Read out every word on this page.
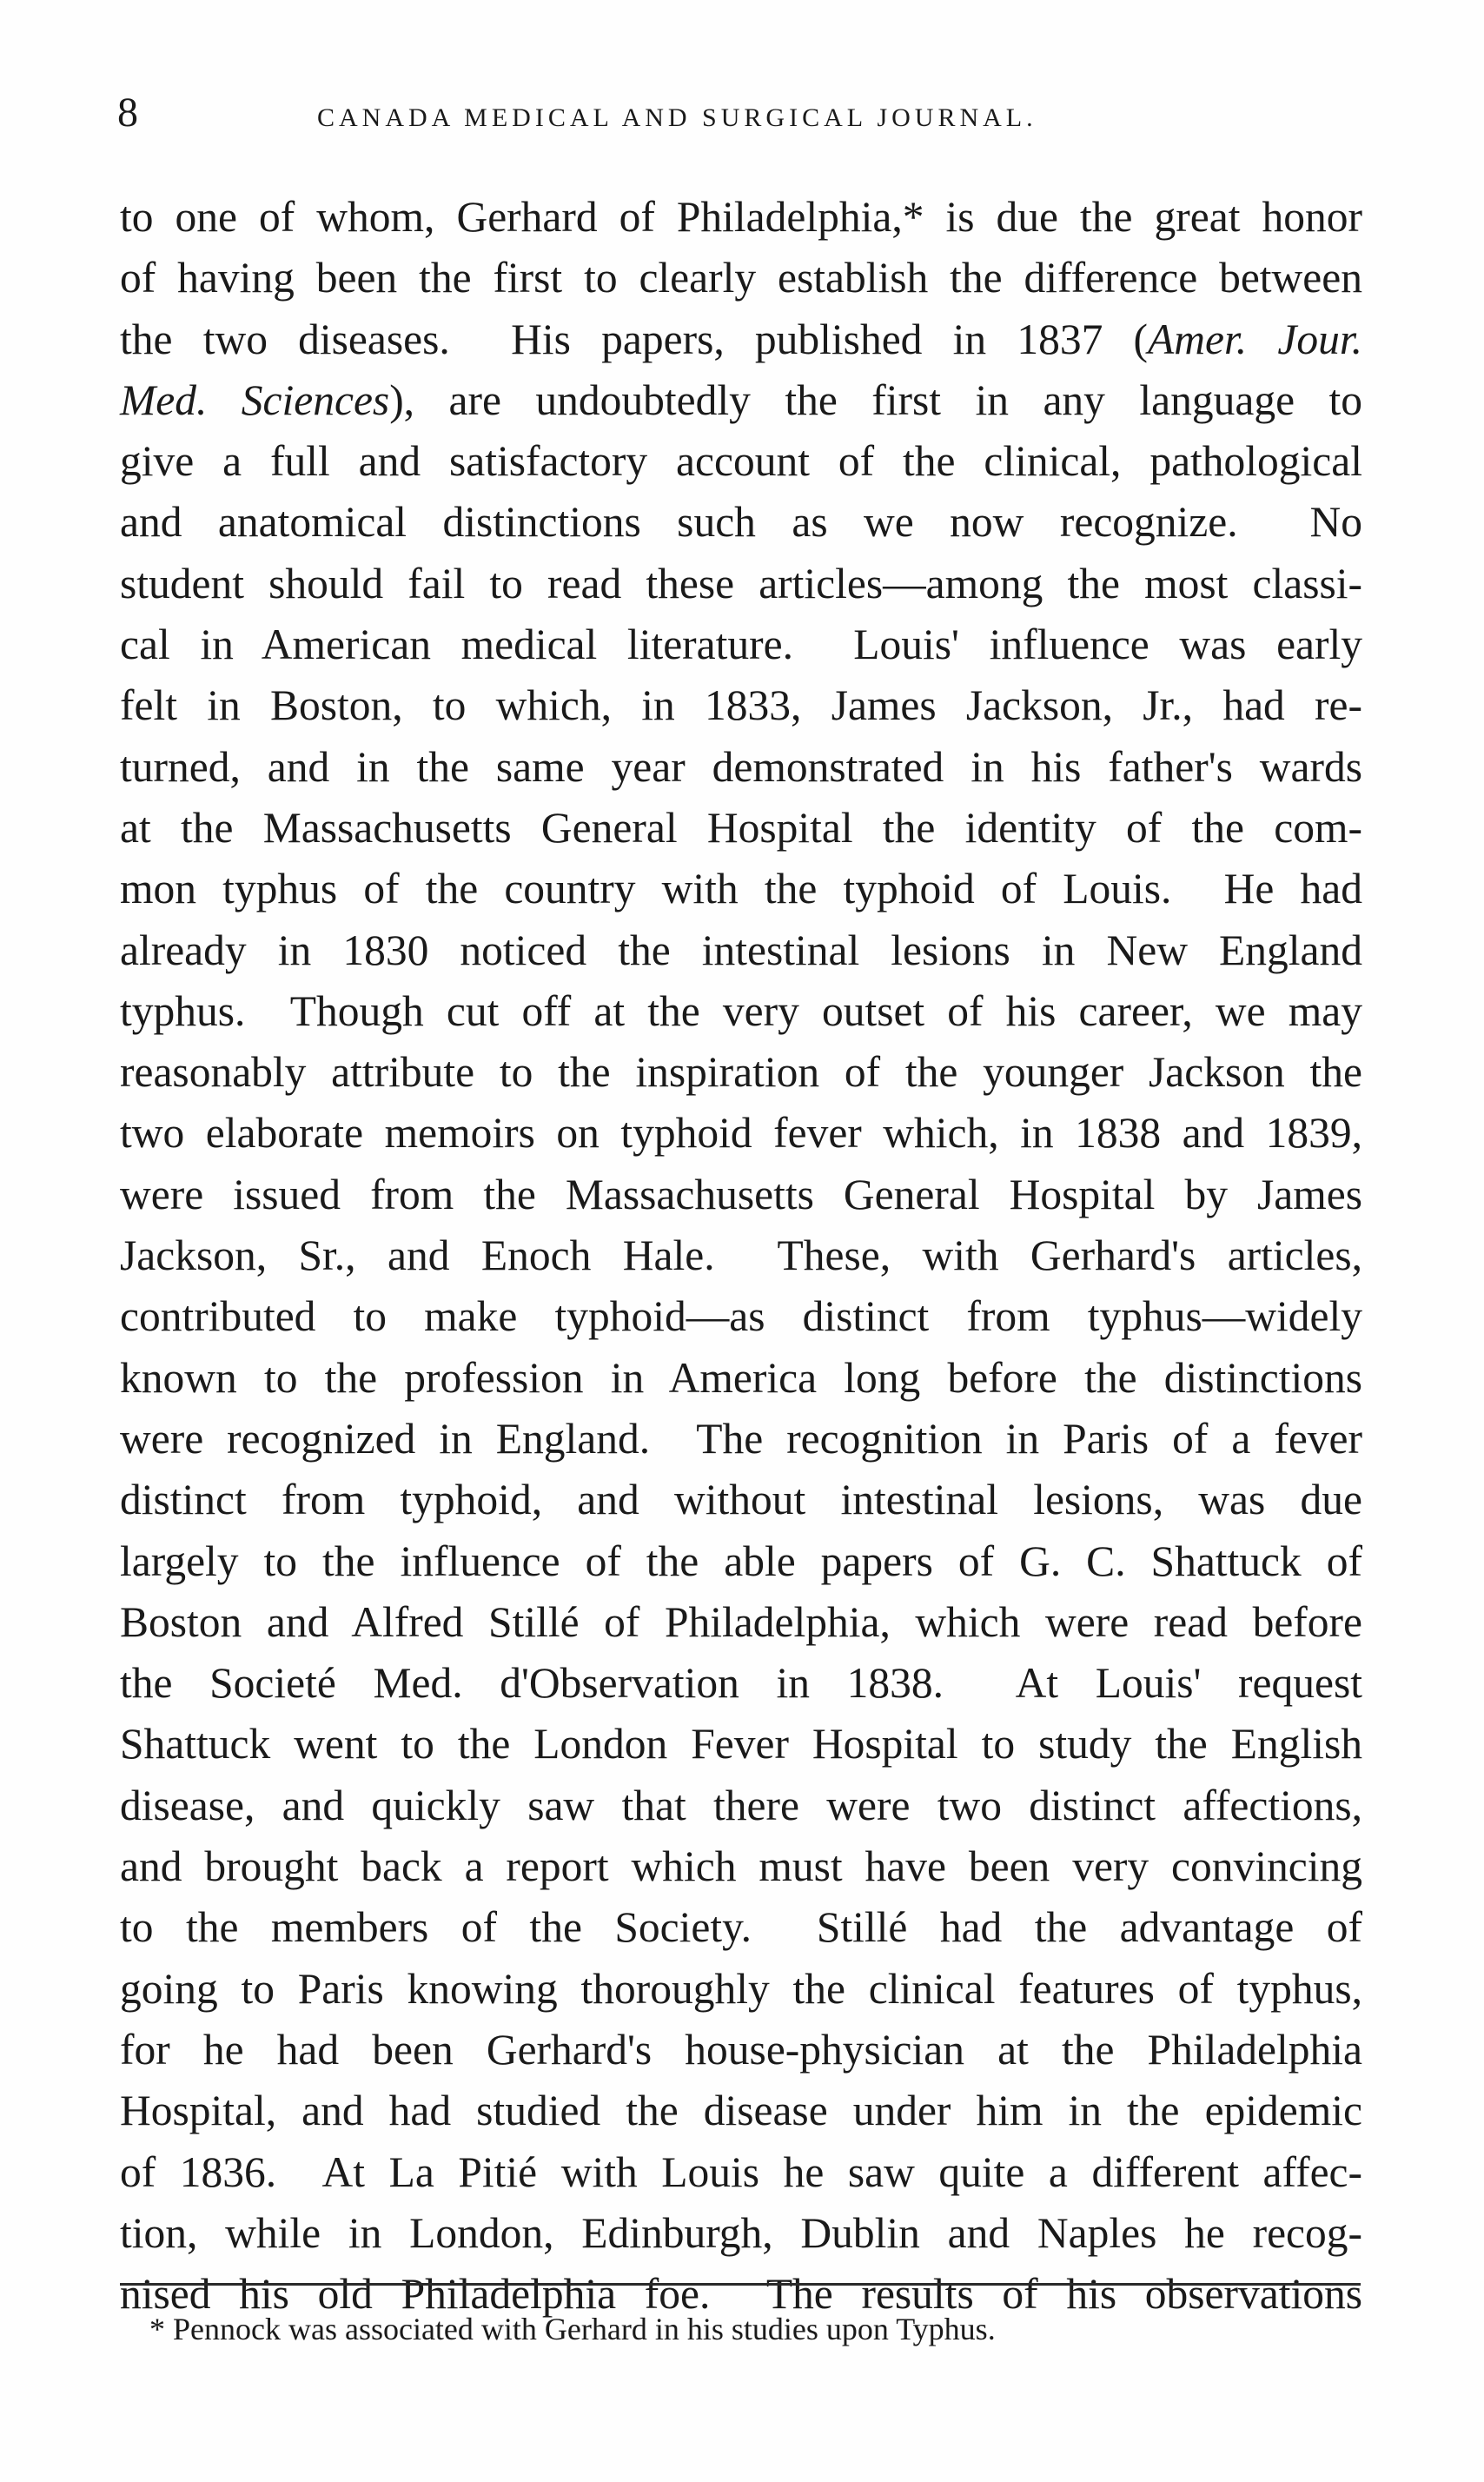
8	CANADA MEDICAL AND SURGICAL JOURNAL.
to one of whom, Gerhard of Philadelphia,* is due the great honor
of having been the first to clearly establish the difference between
the two diseases.  His papers, published in 1837 (Amer. Jour.
Med. Sciences), are undoubtedly the first in any language to
give a full and satisfactory account of the clinical, pathological
and anatomical distinctions such as we now recognize.  No
student should fail to read these articles—among the most classi-
cal in American medical literature.  Louis' influence was early
felt in Boston, to which, in 1833, James Jackson, Jr., had re-
turned, and in the same year demonstrated in his father's wards
at the Massachusetts General Hospital the identity of the com-
mon typhus of the country with the typhoid of Louis.  He had
already in 1830 noticed the intestinal lesions in New England
typhus.  Though cut off at the very outset of his career, we may
reasonably attribute to the inspiration of the younger Jackson the
two elaborate memoirs on typhoid fever which, in 1838 and 1839,
were issued from the Massachusetts General Hospital by James
Jackson, Sr., and Enoch Hale.  These, with Gerhard's articles,
contributed to make typhoid—as distinct from typhus—widely
known to the profession in America long before the distinctions
were recognized in England.  The recognition in Paris of a fever
distinct from typhoid, and without intestinal lesions, was due
largely to the influence of the able papers of G. C. Shattuck of
Boston and Alfred Stillé of Philadelphia, which were read before
the Societé Med. d'Observation in 1838.  At Louis' request
Shattuck went to the London Fever Hospital to study the English
disease, and quickly saw that there were two distinct affections,
and brought back a report which must have been very convincing
to the members of the Society.  Stillé had the advantage of
going to Paris knowing thoroughly the clinical features of typhus,
for he had been Gerhard's house-physician at the Philadelphia
Hospital, and had studied the disease under him in the epidemic
of 1836.  At La Pitié with Louis he saw quite a different affec-
tion, while in London, Edinburgh, Dublin and Naples he recog-
nised his old Philadelphia foe.  The results of his observations
* Pennock was associated with Gerhard in his studies upon Typhus.
